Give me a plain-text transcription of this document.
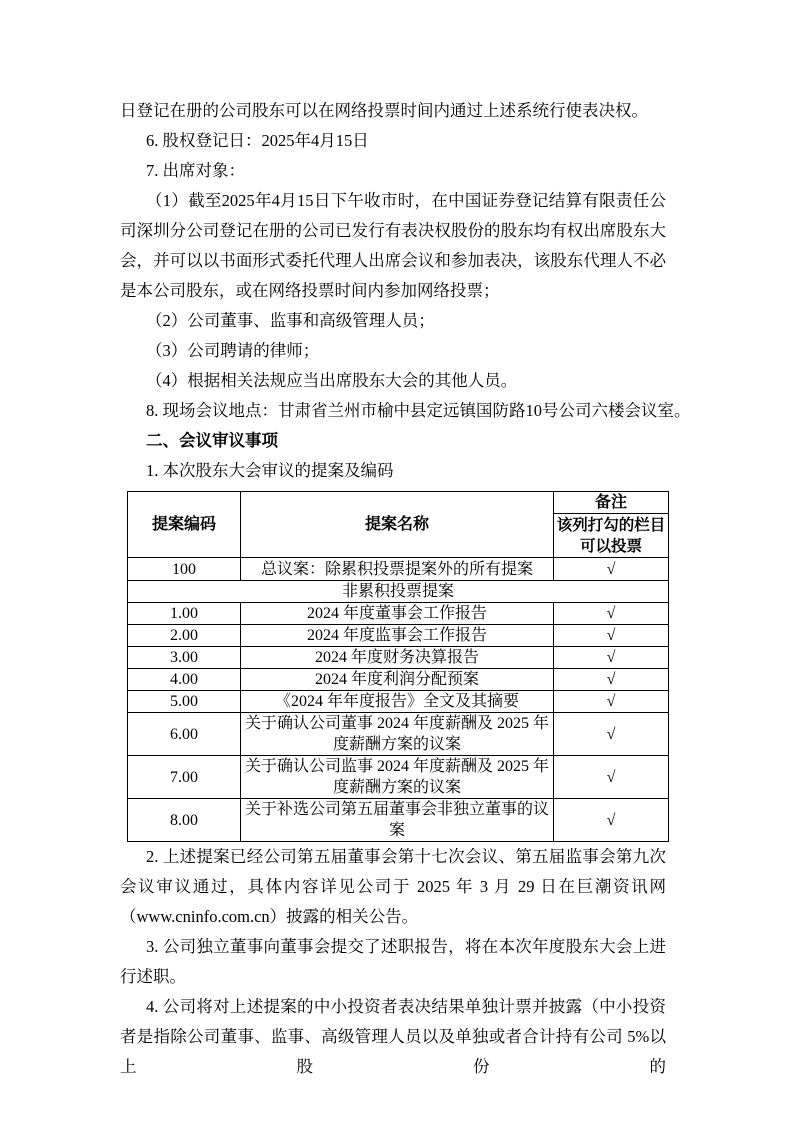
日登记在册的公司股东可以在网络投票时间内通过上述系统行使表决权。

6. 股权登记日：2025年4月15日

7. 出席对象：

（1）截至2025年4月15日下午收市时，在中国证券登记结算有限责任公司深圳分公司登记在册的公司已发行有表决权股份的股东均有权出席股东大会，并可以以书面形式委托代理人出席会议和参加表决，该股东代理人不必是本公司股东，或在网络投票时间内参加网络投票；

（2）公司董事、监事和高级管理人员；

（3）公司聘请的律师；

（4）根据相关法规应当出席股东大会的其他人员。

8. 现场会议地点：甘肃省兰州市榆中县定远镇国防路10号公司六楼会议室。

二、会议审议事项

1. 本次股东大会审议的提案及编码

提案编码	提案名称	备注
		该列打勾的栏目可以投票
100	总议案：除累积投票提案外的所有提案	√
非累积投票提案		
1.00	2024 年度董事会工作报告	√
2.00	2024 年度监事会工作报告	√
3.00	2024 年度财务决算报告	√
4.00	2024 年度利润分配预案	√
5.00	《2024 年年度报告》全文及其摘要	√
6.00	关于确认公司董事 2024 年度薪酬及 2025 年度薪酬方案的议案	√
7.00	关于确认公司监事 2024 年度薪酬及 2025 年度薪酬方案的议案	√
8.00	关于补选公司第五届董事会非独立董事的议案	√

2. 上述提案已经公司第五届董事会第十七次会议、第五届监事会第九次会议审议通过，具体内容详见公司于 2025 年 3 月 29 日在巨潮资讯网（www.cninfo.com.cn）披露的相关公告。

3. 公司独立董事向董事会提交了述职报告，将在本次年度股东大会上进行述职。

4. 公司将对上述提案的中小投资者表决结果单独计票并披露（中小投资者是指除公司董事、监事、高级管理人员以及单独或者合计持有公司 5%以上股份的
